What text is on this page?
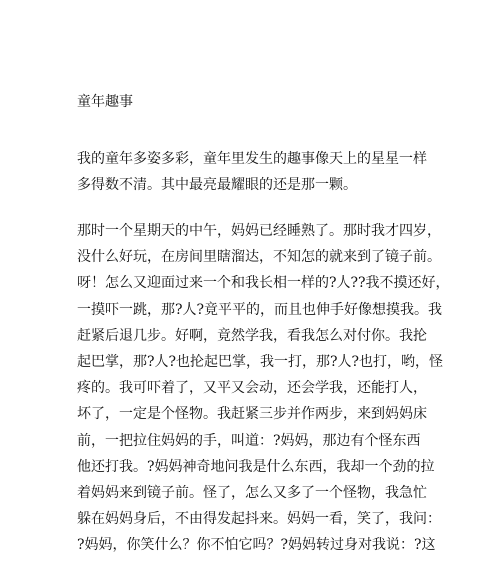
童年趣事
我的童年多姿多彩，童年里发生的趣事像天上的星星一样
多得数不清。其中最亮最耀眼的还是那一颗。
那时一个星期天的中午，妈妈已经睡熟了。那时我才四岁，
没什么好玩，在房间里瞎溜达，不知怎的就来到了镜子前。
呀！怎么又迎面过来一个和我长相一样的?人??我不摸还好，
一摸吓一跳，那?人?竟平平的，而且也伸手好像想摸我。我
赶紧后退几步。好啊，竟然学我，看我怎么对付你。我抡
起巴掌，那?人?也抡起巴掌，我一打，那?人?也打，哟，怪
疼的。我可吓着了，又平又会动，还会学我，还能打人，
坏了，一定是个怪物。我赶紧三步并作两步，来到妈妈床
前，一把拉住妈妈的手，叫道：?妈妈，那边有个怪东西
他还打我。?妈妈神奇地问我是什么东西，我却一个劲的拉
着妈妈来到镜子前。怪了，怎么又多了一个怪物，我急忙
躲在妈妈身后，不由得发起抖来。妈妈一看，笑了，我问：
?妈妈，你笑什么？你不怕它吗？?妈妈转过身对我说：?这
